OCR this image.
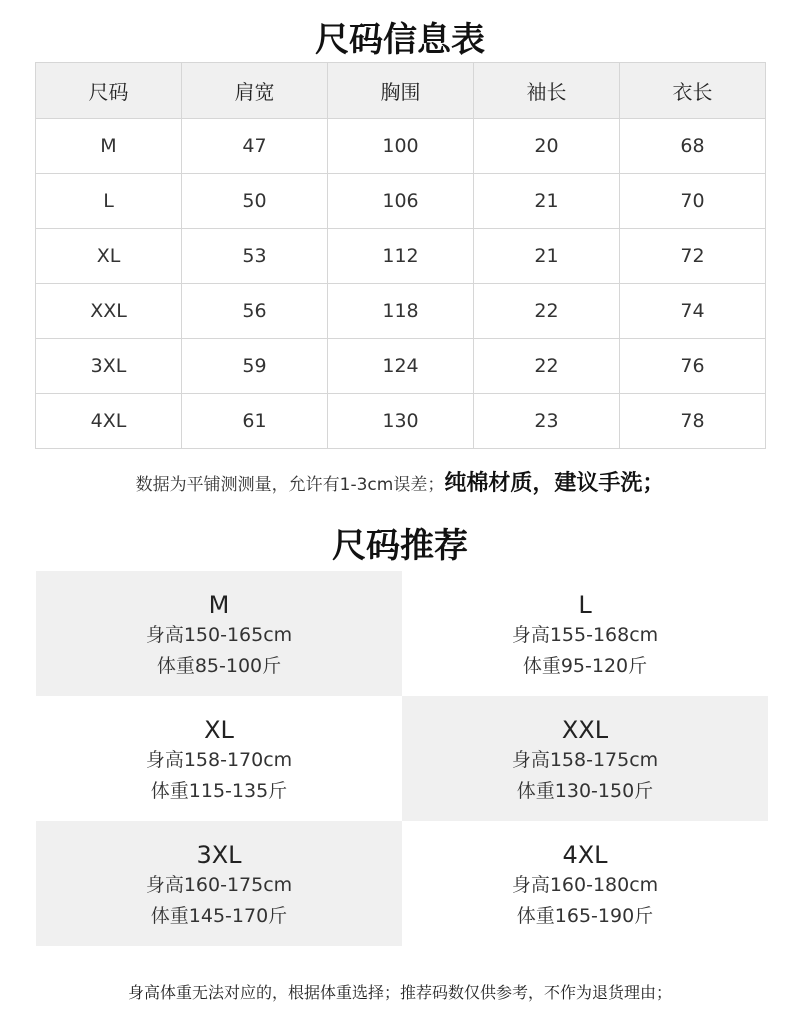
尺码信息表
尺码	肩宽	胸围	袖长	衣长
M	47	100	20	68
L	50	106	21	70
XL	53	112	21	72
XXL	56	118	22	74
3XL	59	124	22	76
4XL	61	130	23	78
数据为平铺测测量，允许有1-3cm误差；纯棉材质，建议手洗；
尺码推荐
M
身高150-165cm
体重85-100斤
L
身高155-168cm
体重95-120斤
XL
身高158-170cm
体重115-135斤
XXL
身高158-175cm
体重130-150斤
3XL
身高160-175cm
体重145-170斤
4XL
身高160-180cm
体重165-190斤
身高体重无法对应的，根据体重选择；推荐码数仅供参考，不作为退货理由；
